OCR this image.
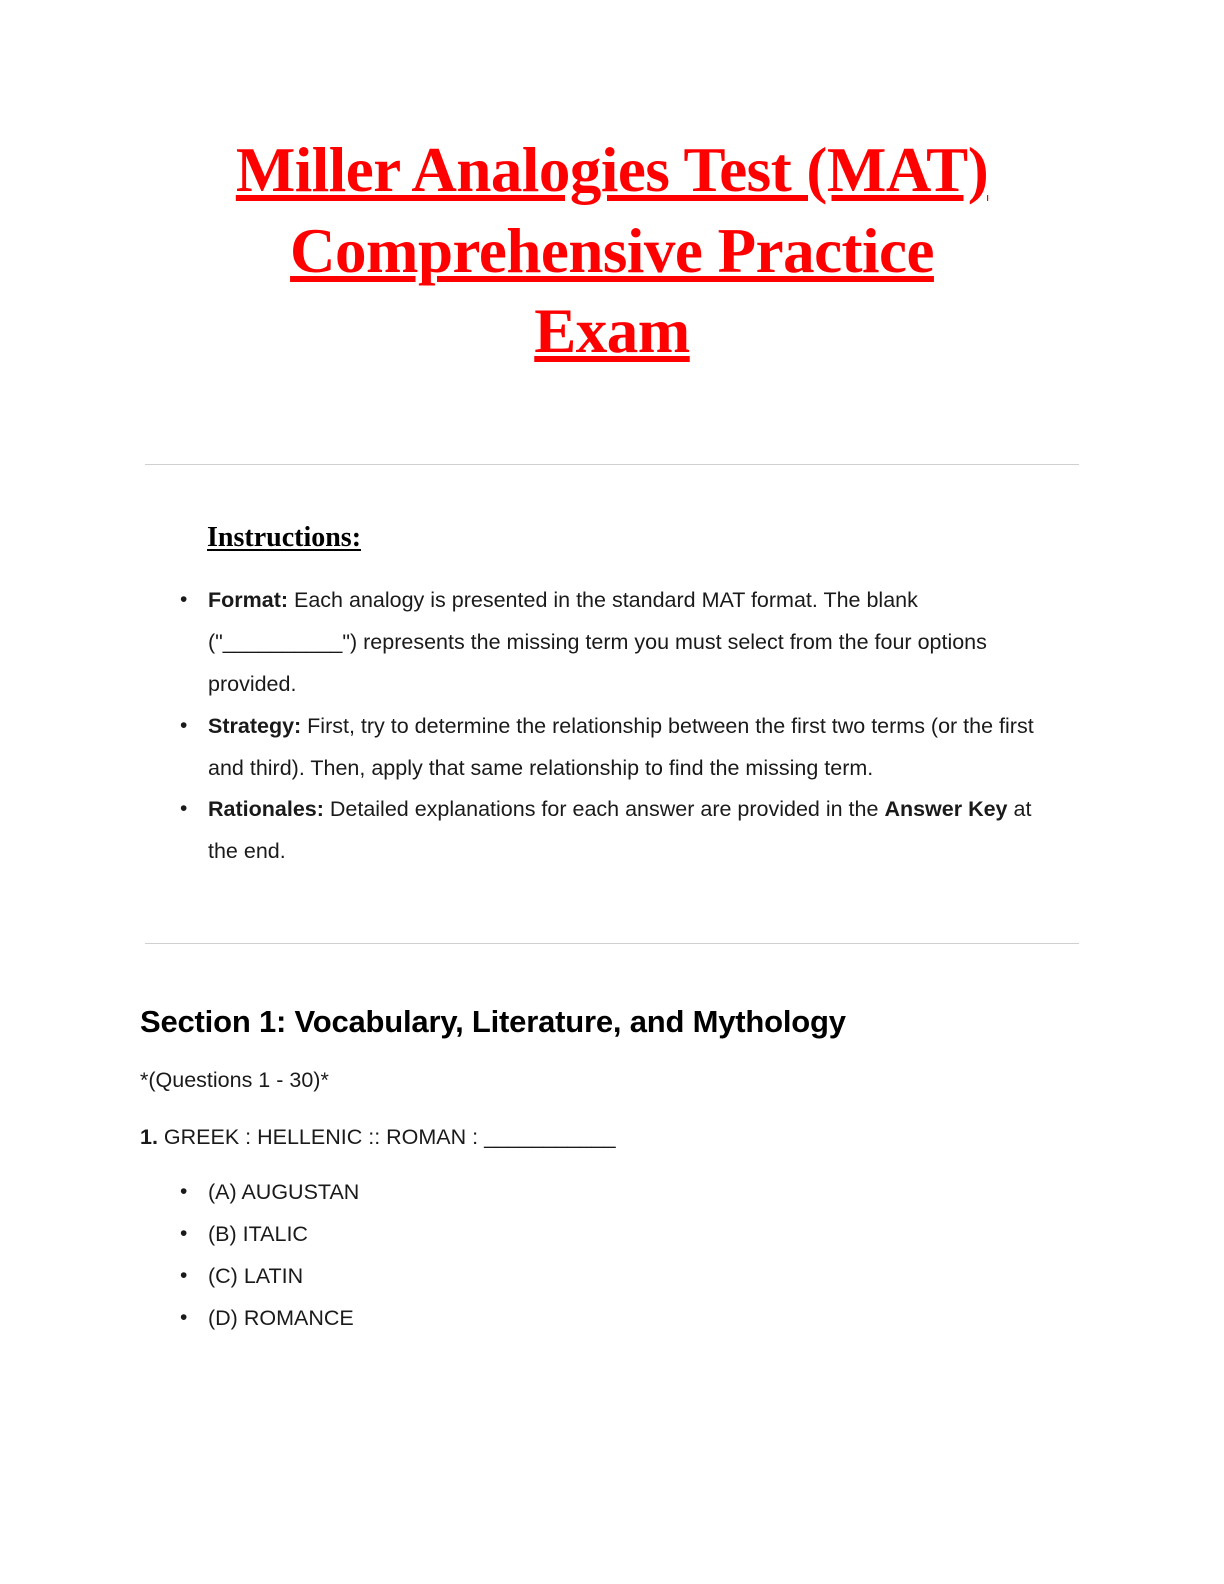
Miller Analogies Test (MAT)
Comprehensive Practice
Exam
Instructions:
• Format: Each analogy is presented in the standard MAT format. The blank ("__________") represents the missing term you must select from the four options provided.
• Strategy: First, try to determine the relationship between the first two terms (or the first and third). Then, apply that same relationship to find the missing term.
• Rationales: Detailed explanations for each answer are provided in the Answer Key at the end.
Section 1: Vocabulary, Literature, and Mythology
*(Questions 1 - 30)*
1. GREEK : HELLENIC :: ROMAN : ___________
• (A) AUGUSTAN
• (B) ITALIC
• (C) LATIN
• (D) ROMANCE
